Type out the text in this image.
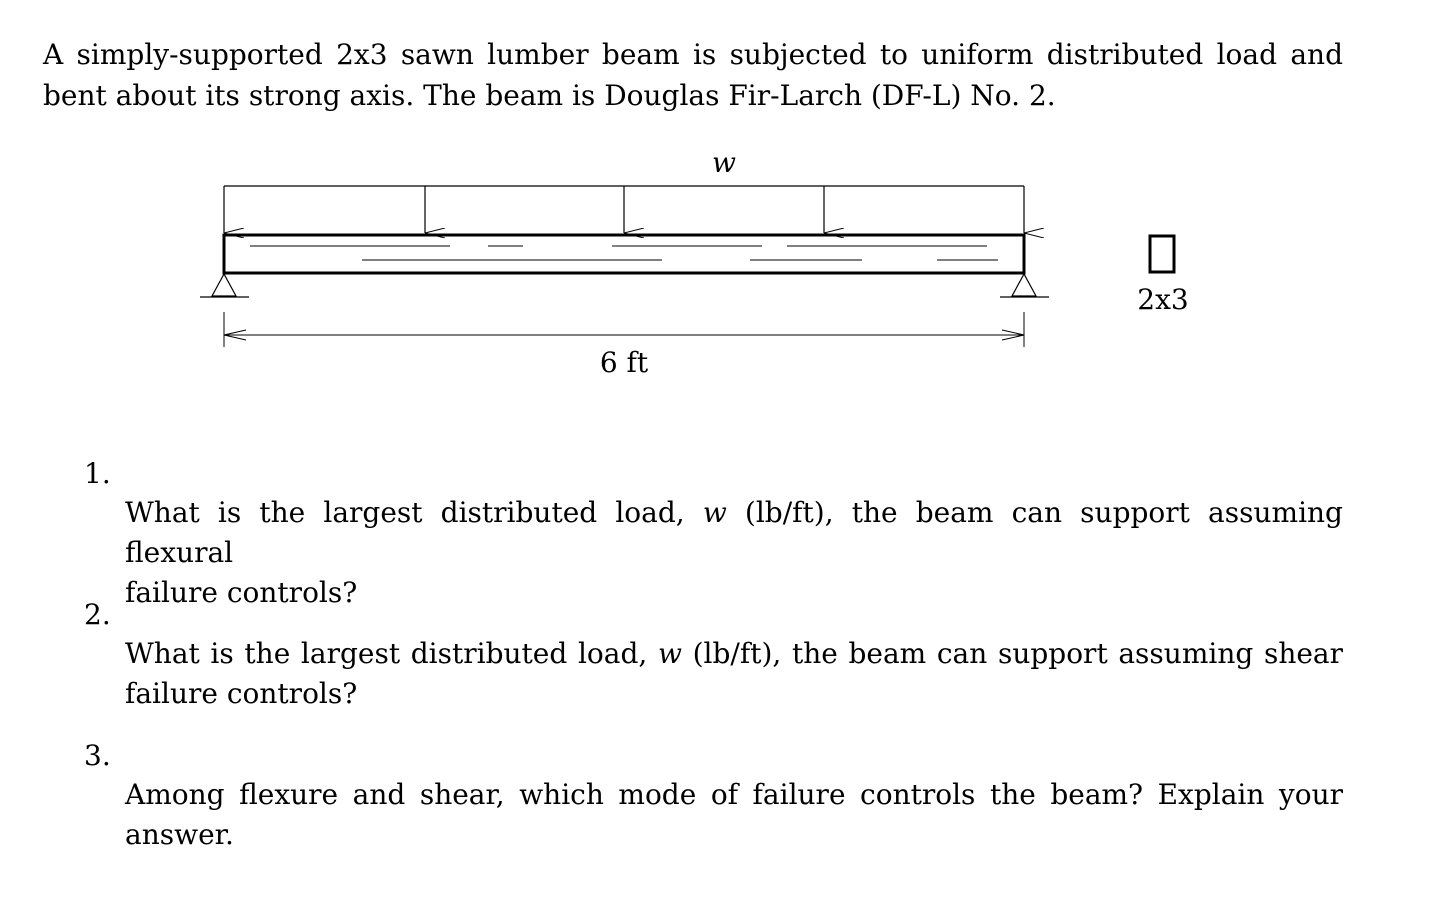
A simply-supported 2x3 sawn lumber beam is subjected to uniform distributed load and
bent about its strong axis. The beam is Douglas Fir-Larch (DF-L) No. 2.

w
6 ft
2x3
1.

What is the largest distributed load, w (lb/ft), the beam can support assuming flexural
failure controls?

2.

What is the largest distributed load, w (lb/ft), the beam can support assuming shear
failure controls?

3.

Among flexure and shear, which mode of failure controls the beam? Explain your
answer.
